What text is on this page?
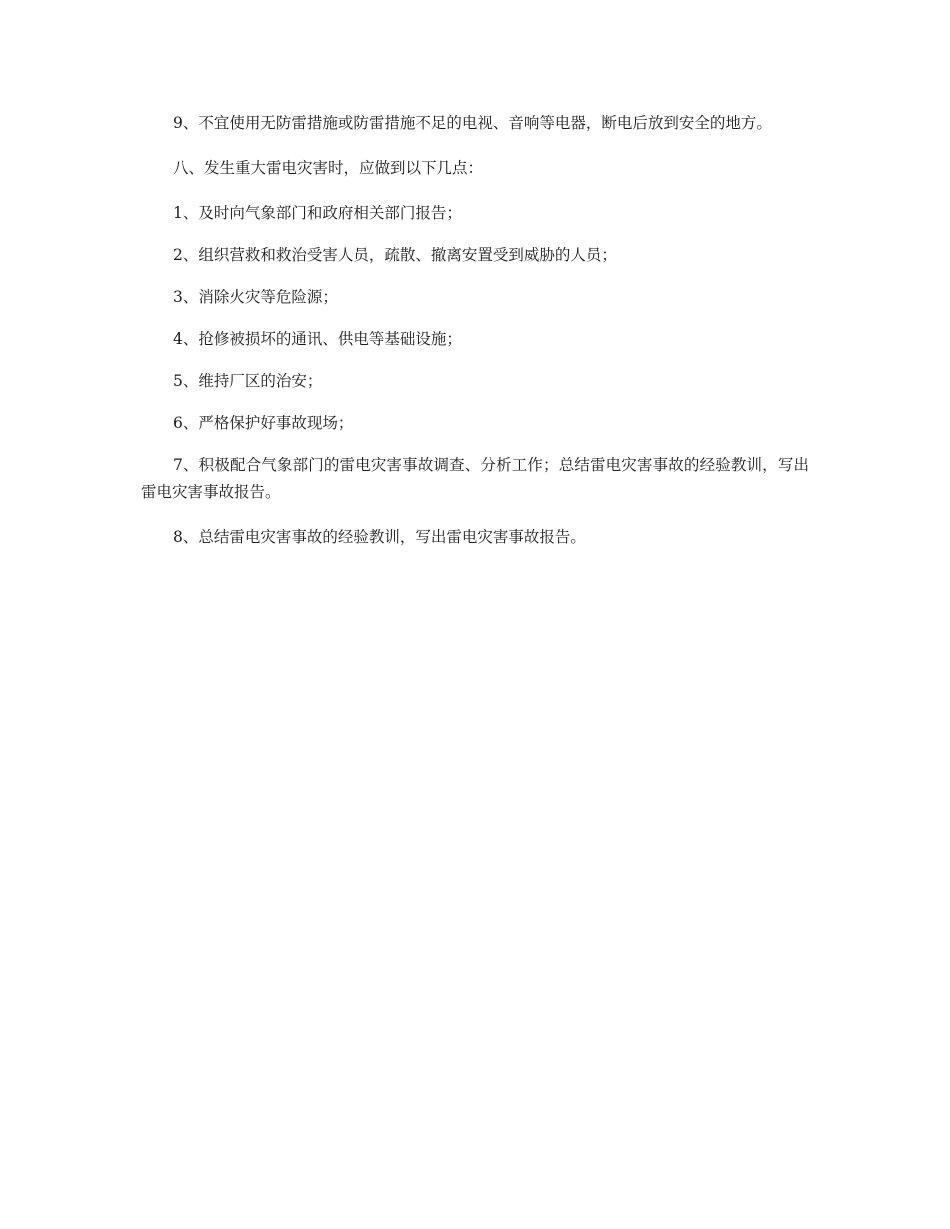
9、不宜使用无防雷措施或防雷措施不足的电视、音响等电器，断电后放到安全的地方。

八、发生重大雷电灾害时，应做到以下几点：

1、及时向气象部门和政府相关部门报告；

2、组织营救和救治受害人员，疏散、撤离安置受到威胁的人员；

3、消除火灾等危险源；

4、抢修被损坏的通讯、供电等基础设施；

5、维持厂区的治安；

6、严格保护好事故现场；

7、积极配合气象部门的雷电灾害事故调查、分析工作；总结雷电灾害事故的经验教训，写出雷电灾害事故报告。

8、总结雷电灾害事故的经验教训，写出雷电灾害事故报告。
